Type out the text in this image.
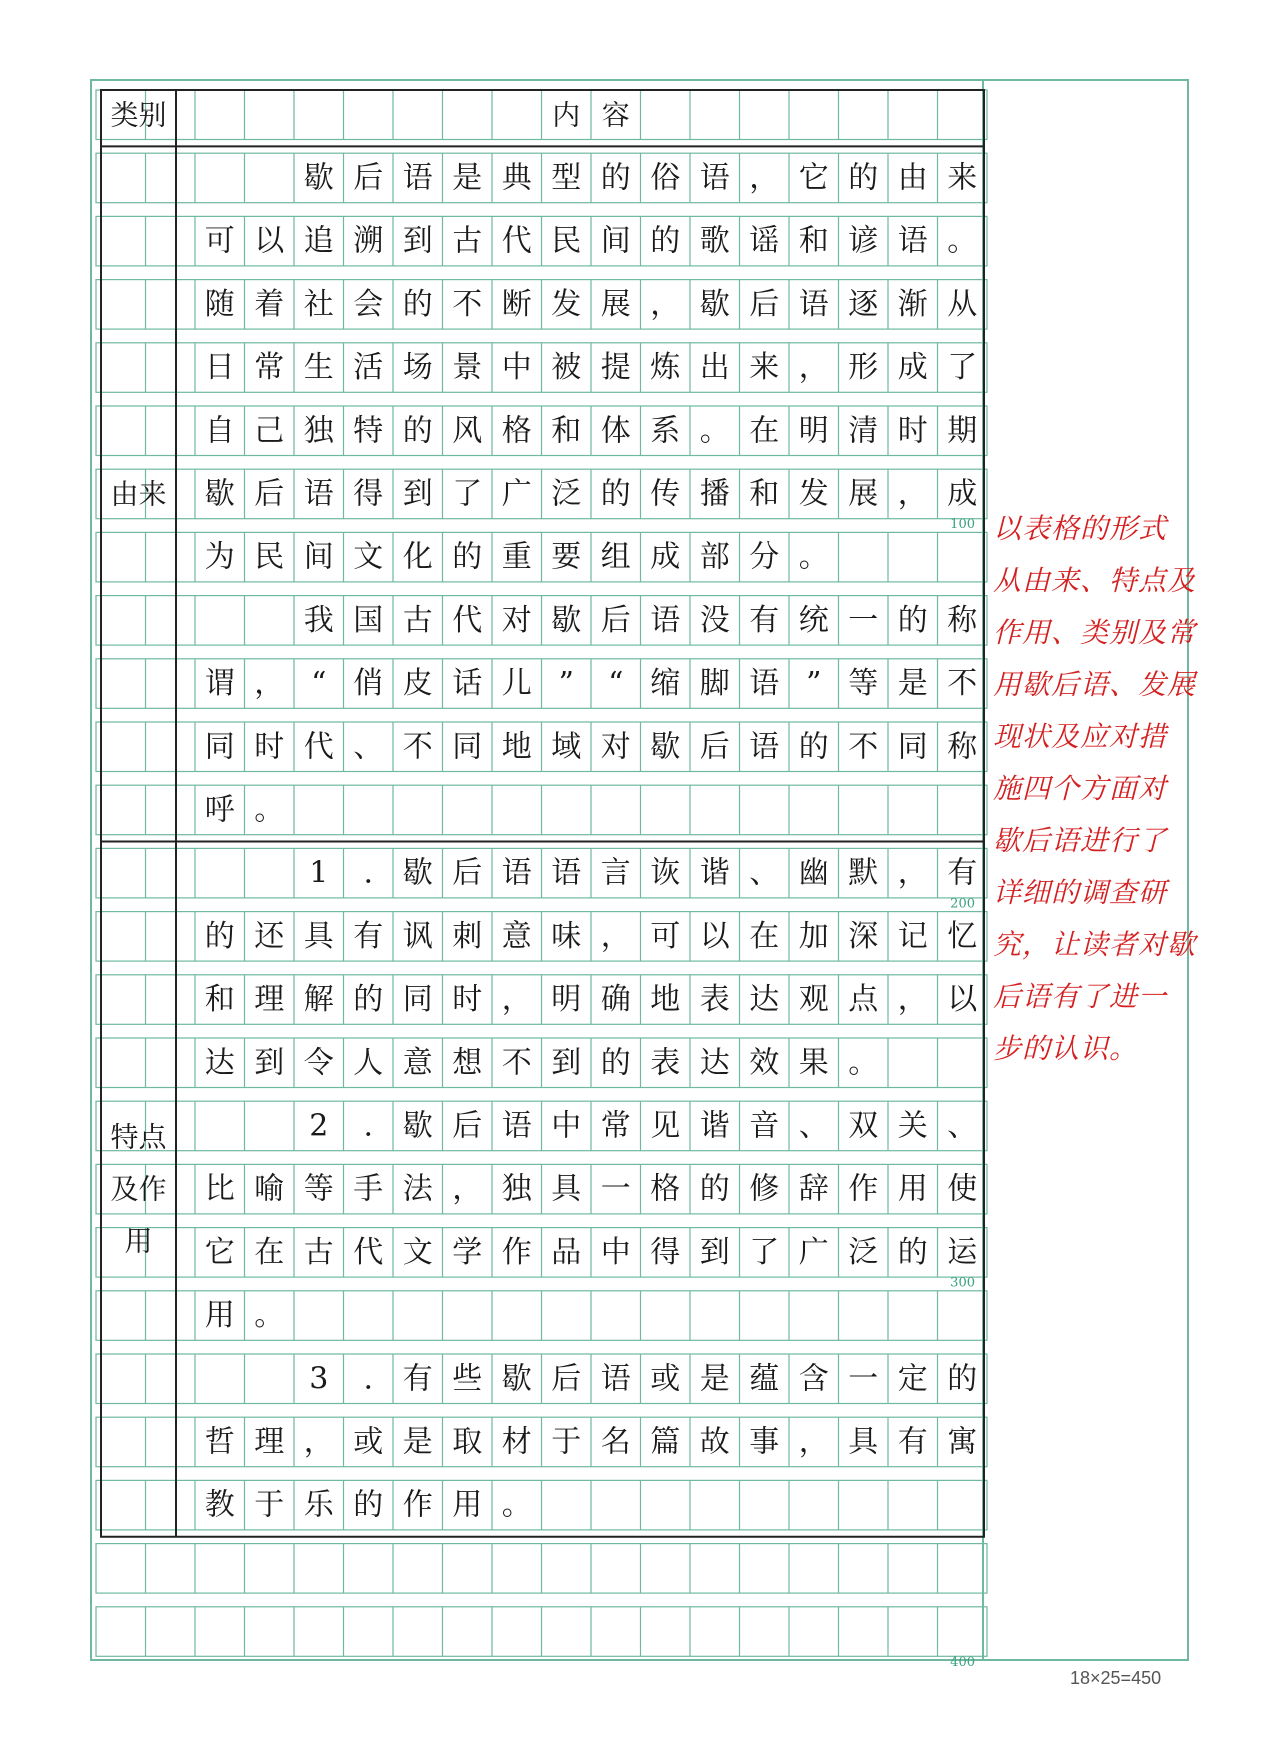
歇 后 语 是 典 型 的 俗 语 ， 它 的 由 来
可 以 追 溯 到 古 代 民 间 的 歌 谣 和 谚 语 。
随 着 社 会 的 不 断 发 展 ， 歇 后 语 逐 渐 从
日 常 生 活 场 景 中 被 提 炼 出 来 ， 形 成 了
自 己 独 特 的 风 格 和 体 系 。 在 明 清 时 期
歇 后 语 得 到 了 广 泛 的 传 播 和 发 展 ， 成
为 民 间 文 化 的 重 要 组 成 部 分 。
我 国 古 代 对 歇 后 语 没 有 统 一 的 称
谓 ， “ 俏 皮 话 儿 ” “ 缩 脚 语 ” 等 是 不
同 时 代 、 不 同 地 域 对 歇 后 语 的 不 同 称
呼 。
1 . 歇 后 语 语 言 诙 谐 、 幽 默 ， 有
的 还 具 有 讽 刺 意 味 ， 可 以 在 加 深 记 忆
和 理 解 的 同 时 ， 明 确 地 表 达 观 点 ， 以
达 到 令 人 意 想 不 到 的 表 达 效 果 。
2 . 歇 后 语 中 常 见 谐 音 、 双 关 、
比 喻 等 手 法 ， 独 具 一 格 的 修 辞 作 用 使
它 在 古 代 文 学 作 品 中 得 到 了 广 泛 的 运
用 。
3 . 有 些 歇 后 语 或 是 蕴 含 一 定 的
哲 理 ， 或 是 取 材 于 名 篇 故 事 ， 具 有 寓
教 于 乐 的 作 用 。
类别	内 容
由来
特点
及作
用
100
200
300
400
以表格的形式
从由来、特点及
作用、类别及常
用歇后语、发展
现状及应对措
施四个方面对
歇后语进行了
详细的调查研
究，让读者对歇
后语有了进一
步的认识。
18×25=450
